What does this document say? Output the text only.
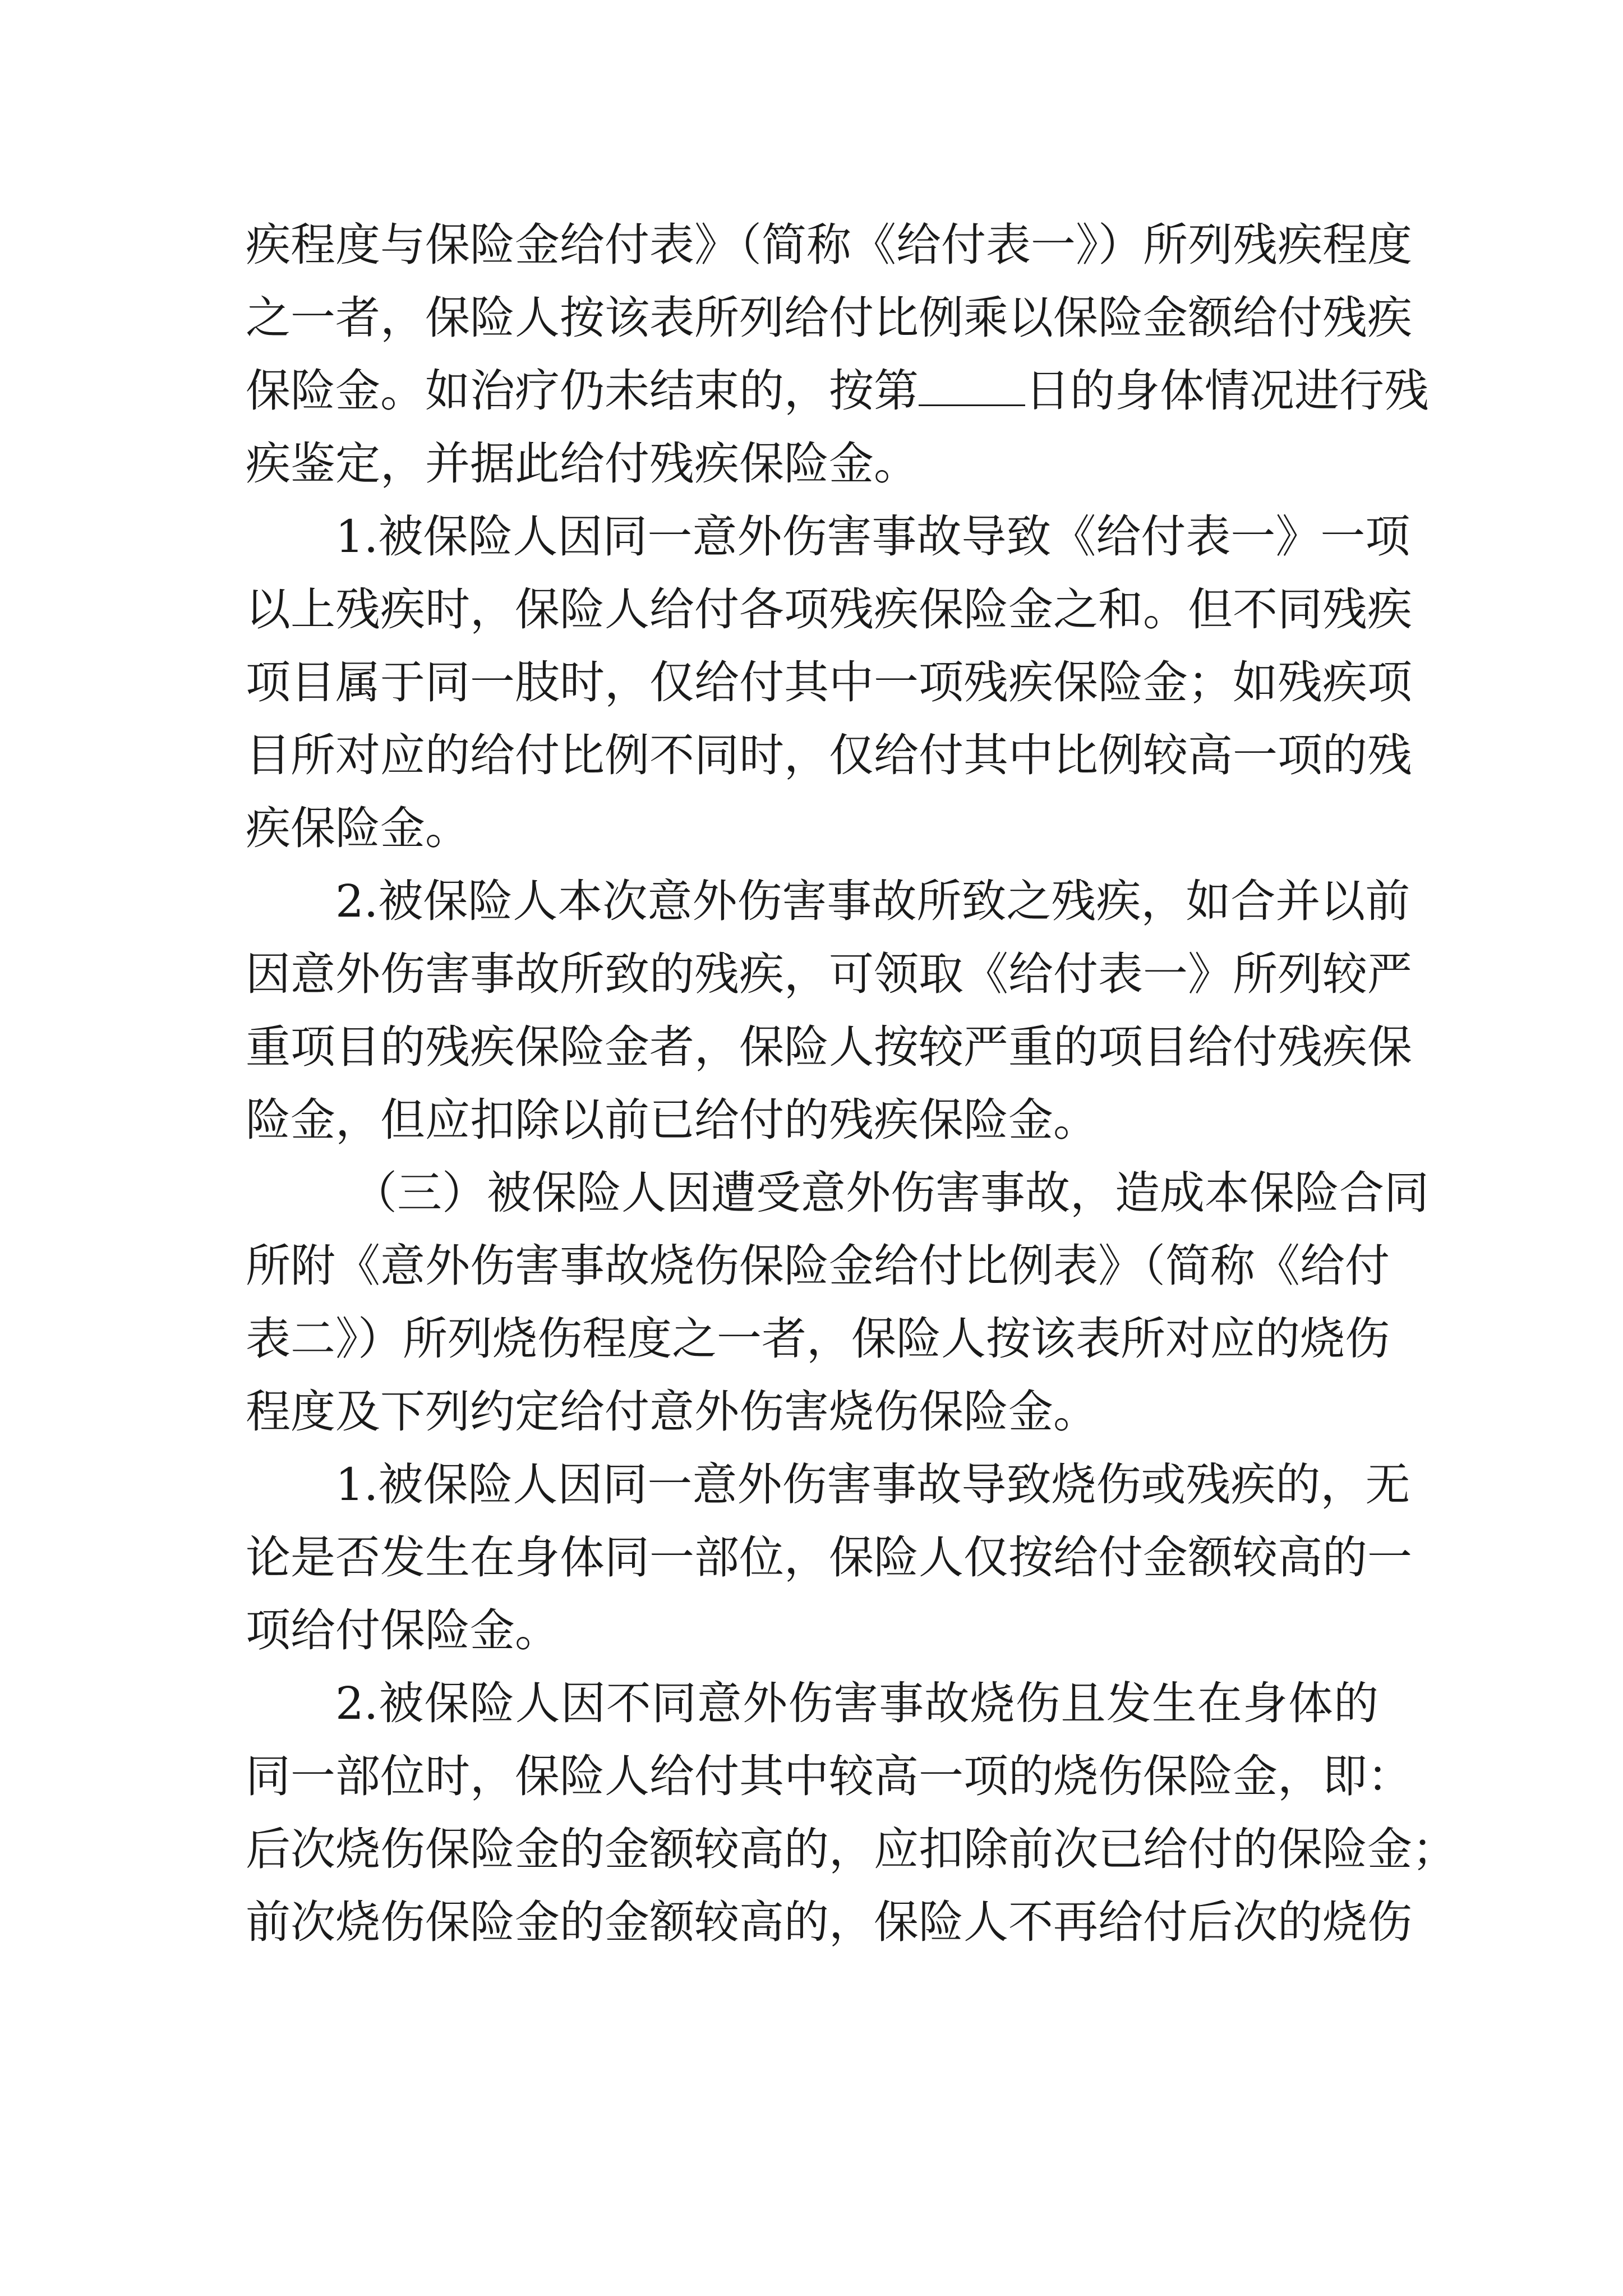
疾程度与保险金给付表》（简称《给付表一》）所列残疾程度
之一者，保险人按该表所列给付比例乘以保险金额给付残疾
保险金。如治疗仍未结束的，按第 日的身体情况进行残
疾鉴定，并据此给付残疾保险金。
1.被保险人因同一意外伤害事故导致《给付表一》一项
以上残疾时，保险人给付各项残疾保险金之和。但不同残疾
项目属于同一肢时，仅给付其中一项残疾保险金；如残疾项
目所对应的给付比例不同时，仅给付其中比例较高一项的残
疾保险金。
2.被保险人本次意外伤害事故所致之残疾，如合并以前
因意外伤害事故所致的残疾，可领取《给付表一》所列较严
重项目的残疾保险金者，保险人按较严重的项目给付残疾保
险金，但应扣除以前已给付的残疾保险金。
（三）被保险人因遭受意外伤害事故，造成本保险合同
所附《意外伤害事故烧伤保险金给付比例表》（简称《给付
表二》）所列烧伤程度之一者，保险人按该表所对应的烧伤
程度及下列约定给付意外伤害烧伤保险金。
1.被保险人因同一意外伤害事故导致烧伤或残疾的，无
论是否发生在身体同一部位，保险人仅按给付金额较高的一
项给付保险金。
2.被保险人因不同意外伤害事故烧伤且发生在身体的
同一部位时，保险人给付其中较高一项的烧伤保险金，即：
后次烧伤保险金的金额较高的，应扣除前次已给付的保险金；
前次烧伤保险金的金额较高的，保险人不再给付后次的烧伤
